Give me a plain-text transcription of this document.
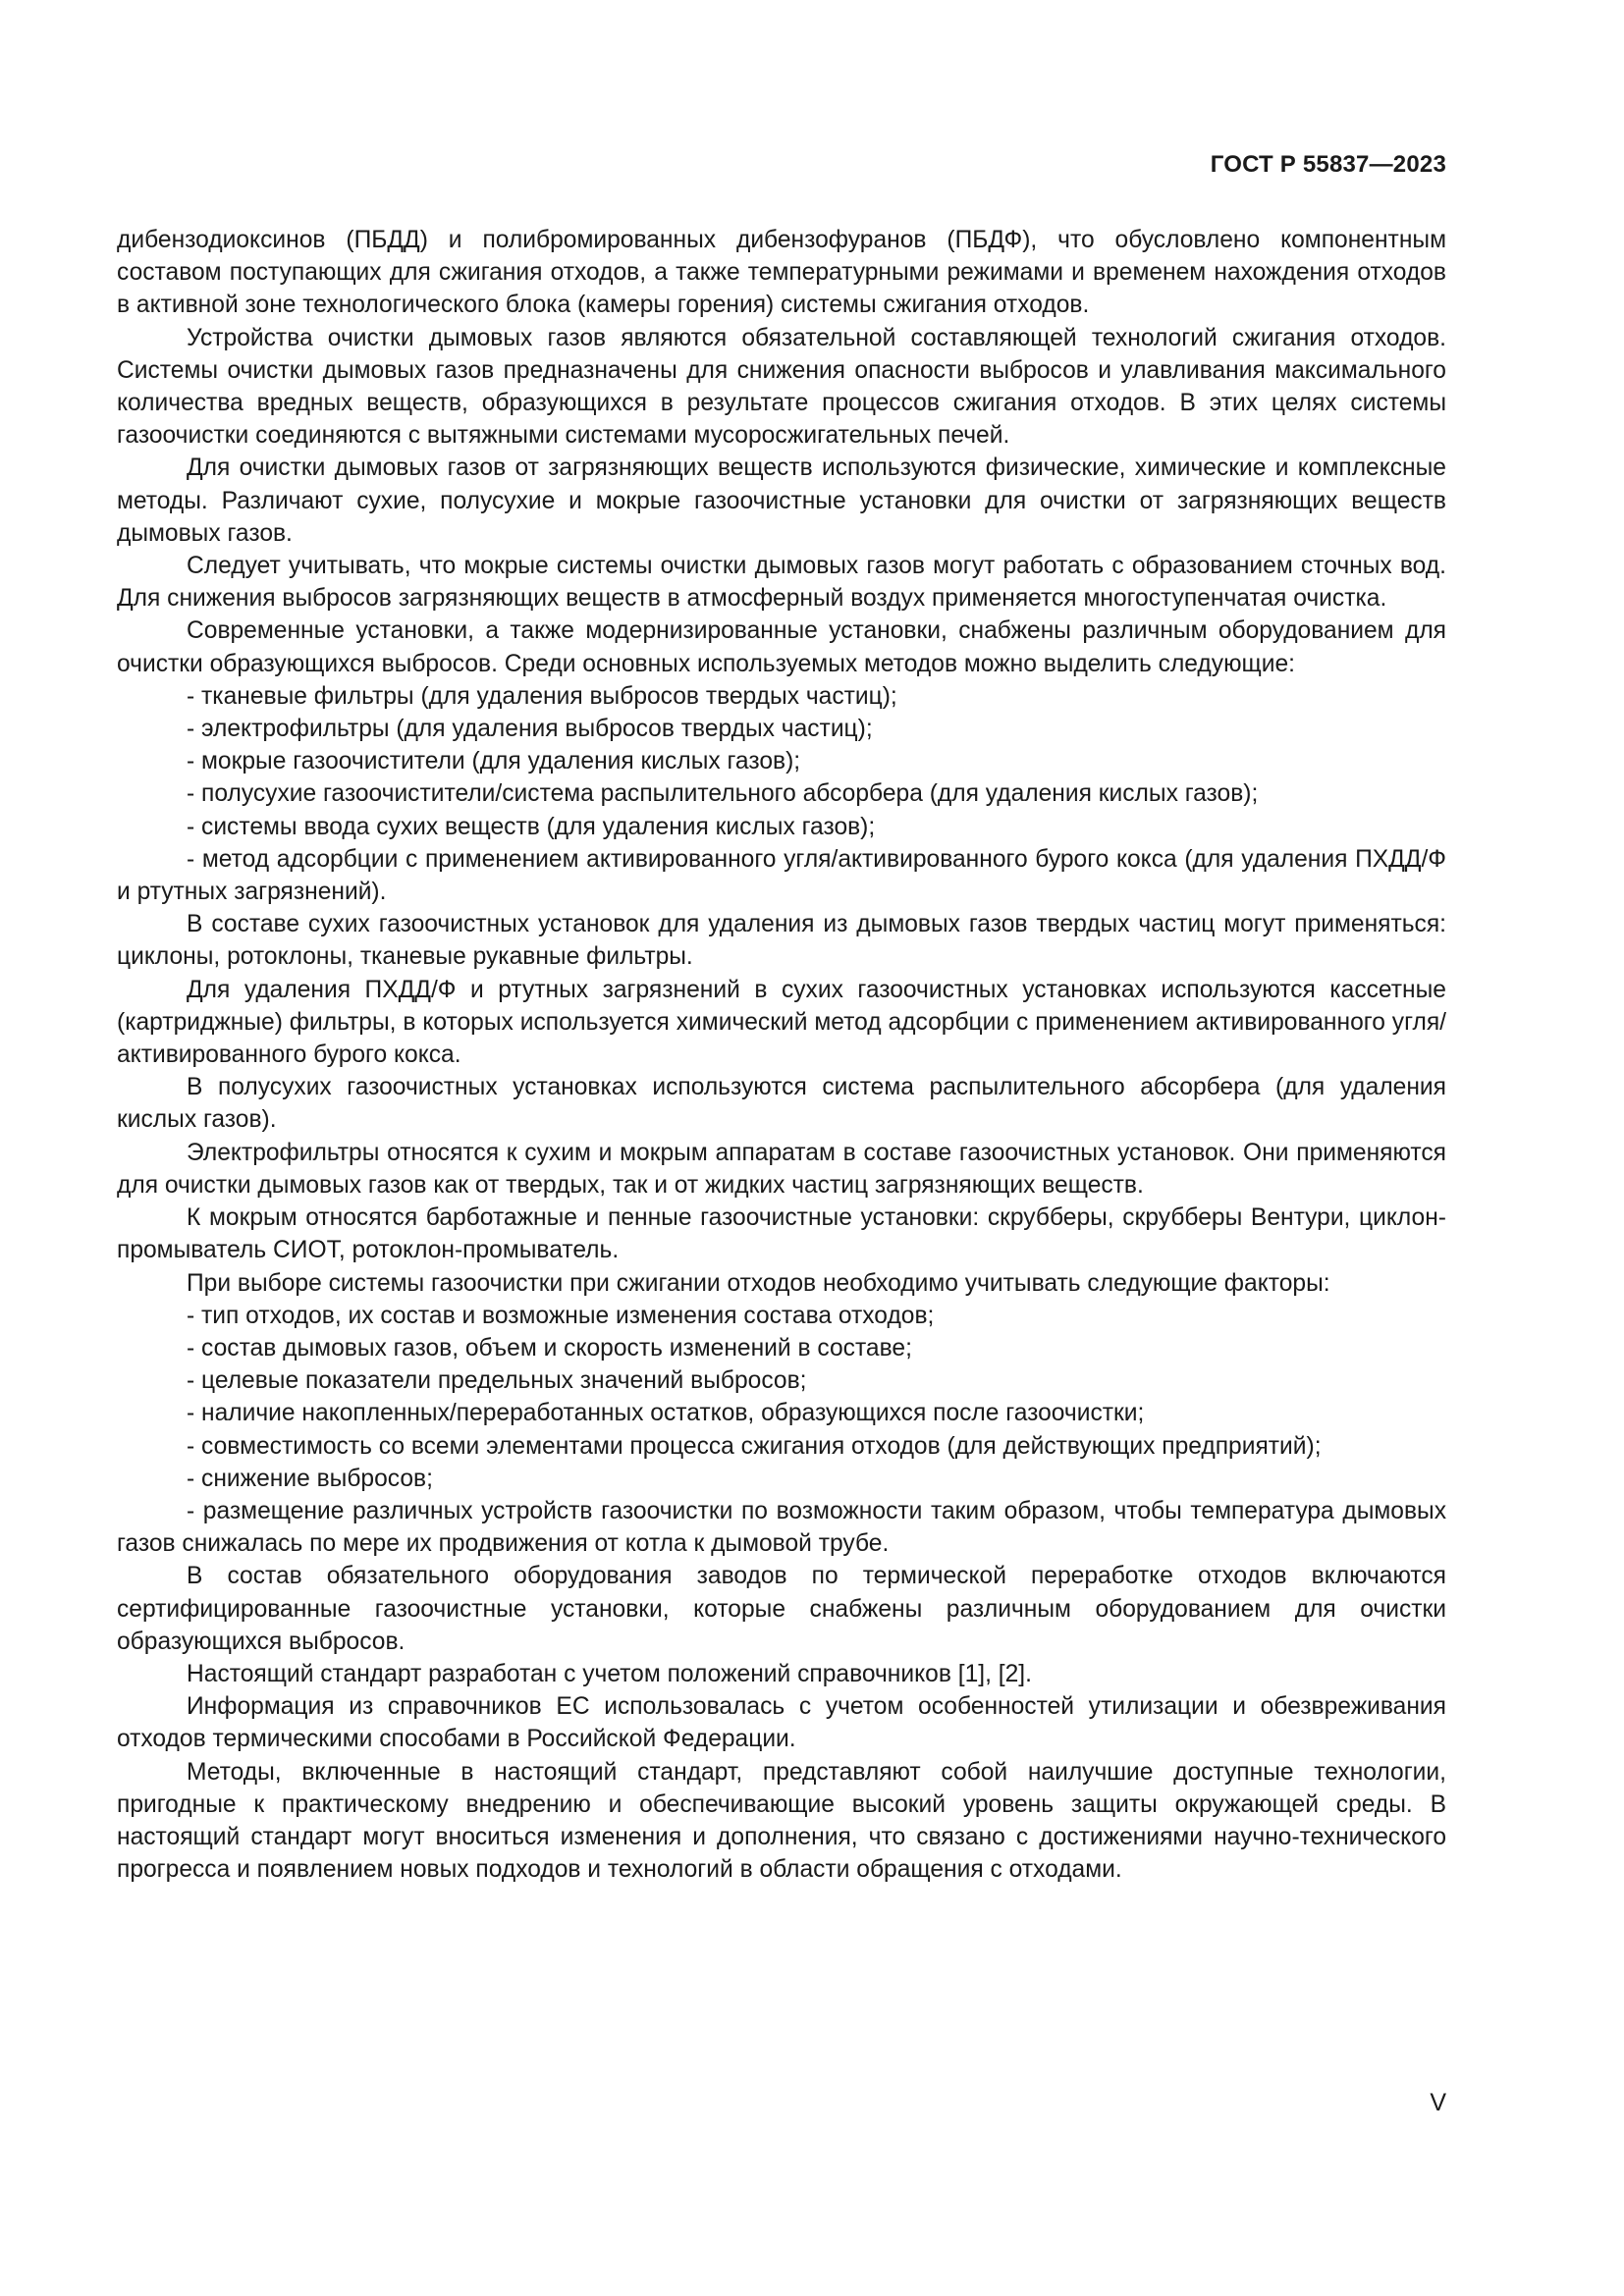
ГОСТ Р 55837—2023

дибензодиоксинов (ПБДД) и полибромированных дибензофуранов (ПБДФ), что обусловлено компонентным составом поступающих для сжигания отходов, а также температурными режимами и временем нахождения отходов в активной зоне технологического блока (камеры горения) системы сжигания отходов.

Устройства очистки дымовых газов являются обязательной составляющей технологий сжигания отходов. Системы очистки дымовых газов предназначены для снижения опасности выбросов и улавливания максимального количества вредных веществ, образующихся в результате процессов сжигания отходов. В этих целях системы газоочистки соединяются с вытяжными системами мусоросжигательных печей.

Для очистки дымовых газов от загрязняющих веществ используются физические, химические и комплексные методы. Различают сухие, полусухие и мокрые газоочистные установки для очистки от загрязняющих веществ дымовых газов.

Следует учитывать, что мокрые системы очистки дымовых газов могут работать с образованием сточных вод. Для снижения выбросов загрязняющих веществ в атмосферный воздух применяется многоступенчатая очистка.

Современные установки, а также модернизированные установки, снабжены различным оборудованием для очистки образующихся выбросов. Среди основных используемых методов можно выделить следующие:

- тканевые фильтры (для удаления выбросов твердых частиц);
- электрофильтры (для удаления выбросов твердых частиц);
- мокрые газоочистители (для удаления кислых газов);
- полусухие газоочистители/система распылительного абсорбера (для удаления кислых газов);
- системы ввода сухих веществ (для удаления кислых газов);
- метод адсорбции с применением активированного угля/активированного бурого кокса (для удаления ПХДД/Ф и ртутных загрязнений).

В составе сухих газоочистных установок для удаления из дымовых газов твердых частиц могут применяться: циклоны, ротоклоны, тканевые рукавные фильтры.

Для удаления ПХДД/Ф и ртутных загрязнений в сухих газоочистных установках используются кассетные (картриджные) фильтры, в которых используется химический метод адсорбции с применением активированного угля/активированного бурого кокса.

В полусухих газоочистных установках используются система распылительного абсорбера (для удаления кислых газов).

Электрофильтры относятся к сухим и мокрым аппаратам в составе газоочистных установок. Они применяются для очистки дымовых газов как от твердых, так и от жидких частиц загрязняющих веществ.

К мокрым относятся барботажные и пенные газоочистные установки: скрубберы, скрубберы Вентури, циклон-промыватель СИОТ, ротоклон-промыватель.

При выборе системы газоочистки при сжигании отходов необходимо учитывать следующие факторы:

- тип отходов, их состав и возможные изменения состава отходов;
- состав дымовых газов, объем и скорость изменений в составе;
- целевые показатели предельных значений выбросов;
- наличие накопленных/переработанных остатков, образующихся после газоочистки;
- совместимость со всеми элементами процесса сжигания отходов (для действующих предприятий);
- снижение выбросов;
- размещение различных устройств газоочистки по возможности таким образом, чтобы температура дымовых газов снижалась по мере их продвижения от котла к дымовой трубе.

В состав обязательного оборудования заводов по термической переработке отходов включаются сертифицированные газоочистные установки, которые снабжены различным оборудованием для очистки образующихся выбросов.

Настоящий стандарт разработан с учетом положений справочников [1], [2].

Информация из справочников ЕС использовалась с учетом особенностей утилизации и обезвреживания отходов термическими способами в Российской Федерации.

Методы, включенные в настоящий стандарт, представляют собой наилучшие доступные технологии, пригодные к практическому внедрению и обеспечивающие высокий уровень защиты окружающей среды. В настоящий стандарт могут вноситься изменения и дополнения, что связано с достижениями научно-технического прогресса и появлением новых подходов и технологий в области обращения с отходами.

V
